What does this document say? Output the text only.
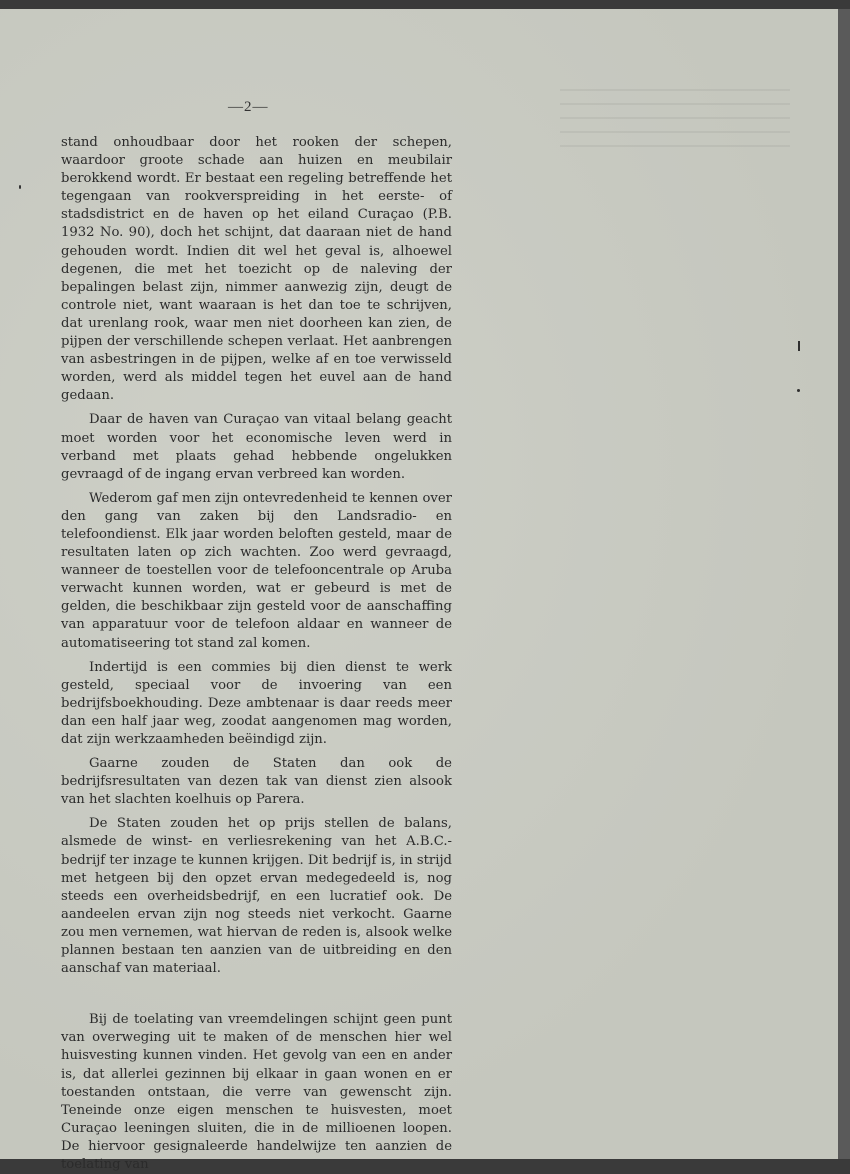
—2—

stand onhoudbaar door het rooken der schepen, waardoor groote schade aan huizen en meubilair berokkend wordt. Er bestaat een regeling betreffende het tegengaan van rookverspreiding in het eerste- of stadsdistrict en de haven op het eiland Curaçao (P.B. 1932 No. 90), doch het schijnt, dat daaraan niet de hand gehouden wordt. Indien dit wel het geval is, alhoewel degenen, die met het toezicht op de naleving der bepalingen belast zijn, nimmer aanwezig zijn, deugt de controle niet, want waaraan is het dan toe te schrijven, dat urenlang rook, waar men niet doorheen kan zien, de pijpen der verschillende schepen verlaat. Het aanbrengen van asbestringen in de pijpen, welke af en toe verwisseld worden, werd als middel tegen het euvel aan de hand gedaan.

Daar de haven van Curaçao van vitaal belang geacht moet worden voor het economische leven werd in verband met plaats gehad hebbende ongelukken gevraagd of de ingang ervan verbreed kan worden.

Wederom gaf men zijn ontevredenheid te kennen over den gang van zaken bij den Landsradio- en telefoondienst. Elk jaar worden beloften gesteld, maar de resultaten laten op zich wachten. Zoo werd gevraagd, wanneer de toestellen voor de telefooncentrale op Aruba verwacht kunnen worden, wat er gebeurd is met de gelden, die beschikbaar zijn gesteld voor de aanschaffing van apparatuur voor de telefoon aldaar en wanneer de automatiseering tot stand zal komen.

Indertijd is een commies bij dien dienst te werk gesteld, speciaal voor de invoering van een bedrijfsboekhouding. Deze ambtenaar is daar reeds meer dan een half jaar weg, zoodat aangenomen mag worden, dat zijn werkzaamheden beëindigd zijn.

Gaarne zouden de Staten dan ook de bedrijfsresultaten van dezen tak van dienst zien alsook van het slachten koelhuis op Parera.

De Staten zouden het op prijs stellen de balans, alsmede de winst- en verliesrekening van het A.B.C.-bedrijf ter inzage te kunnen krijgen. Dit bedrijf is, in strijd met hetgeen bij den opzet ervan medegedeeld is, nog steeds een overheidsbedrijf, en een lucratief ook. De aandeelen ervan zijn nog steeds niet verkocht. Gaarne zou men vernemen, wat hiervan de reden is, alsook welke plannen bestaan ten aanzien van de uitbreiding en den aanschaf van materiaal.

Bij de toelating van vreemdelingen schijnt geen punt van overweging uit te maken of de menschen hier wel huisvesting kunnen vinden. Het gevolg van een en ander is, dat allerlei gezinnen bij elkaar in gaan wonen en er toestanden ontstaan, die verre van gewenscht zijn. Teneinde onze eigen menschen te huisvesten, moet Curaçao leeningen sluiten, die in de millioenen loopen. De hiervoor gesignaleerde handelwijze ten aanzien de toelating van
